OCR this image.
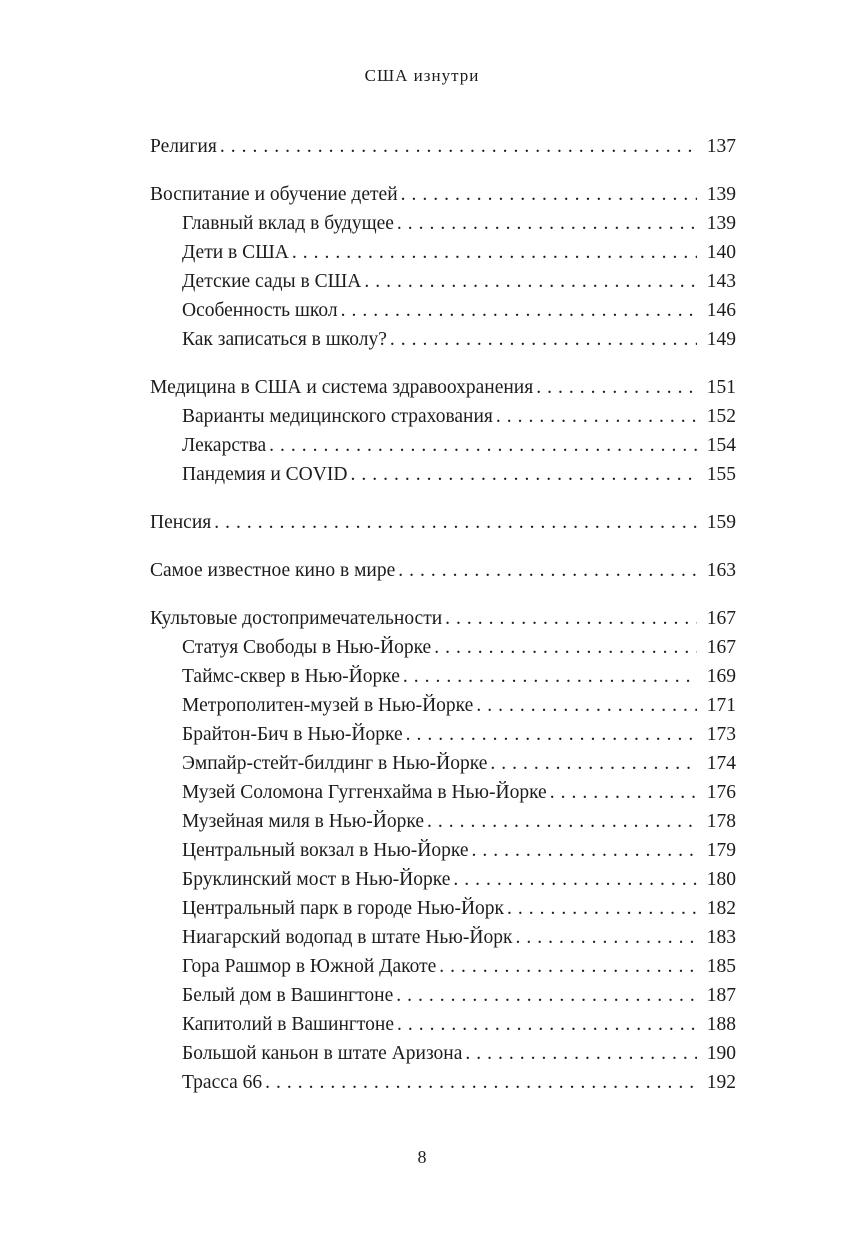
США изнутри
Религия .....	137
Воспитание и обучение детей .....	139
Главный вклад в будущее .....	139
Дети в США .....	140
Детские сады в США .....	143
Особенность школ .....	146
Как записаться в школу? .....	149
Медицина в США и система здравоохранения .....	151
Варианты медицинского страхования .....	152
Лекарства .....	154
Пандемия и COVID .....	155
Пенсия .....	159
Самое известное кино в мире .....	163
Культовые достопримечательности .....	167
Статуя Свободы в Нью-Йорке .....	167
Таймс-сквер в Нью-Йорке .....	169
Метрополитен-музей в Нью-Йорке .....	171
Брайтон-Бич в Нью-Йорке .....	173
Эмпайр-стейт-билдинг в Нью-Йорке .....	174
Музей Соломона Гуггенхайма в Нью-Йорке .....	176
Музейная миля в Нью-Йорке .....	178
Центральный вокзал в Нью-Йорке .....	179
Бруклинский мост в Нью-Йорке .....	180
Центральный парк в городе Нью-Йорк .....	182
Ниагарский водопад в штате Нью-Йорк .....	183
Гора Рашмор в Южной Дакоте .....	185
Белый дом в Вашингтоне .....	187
Капитолий в Вашингтоне .....	188
Большой каньон в штате Аризона .....	190
Трасса 66 .....	192
8
